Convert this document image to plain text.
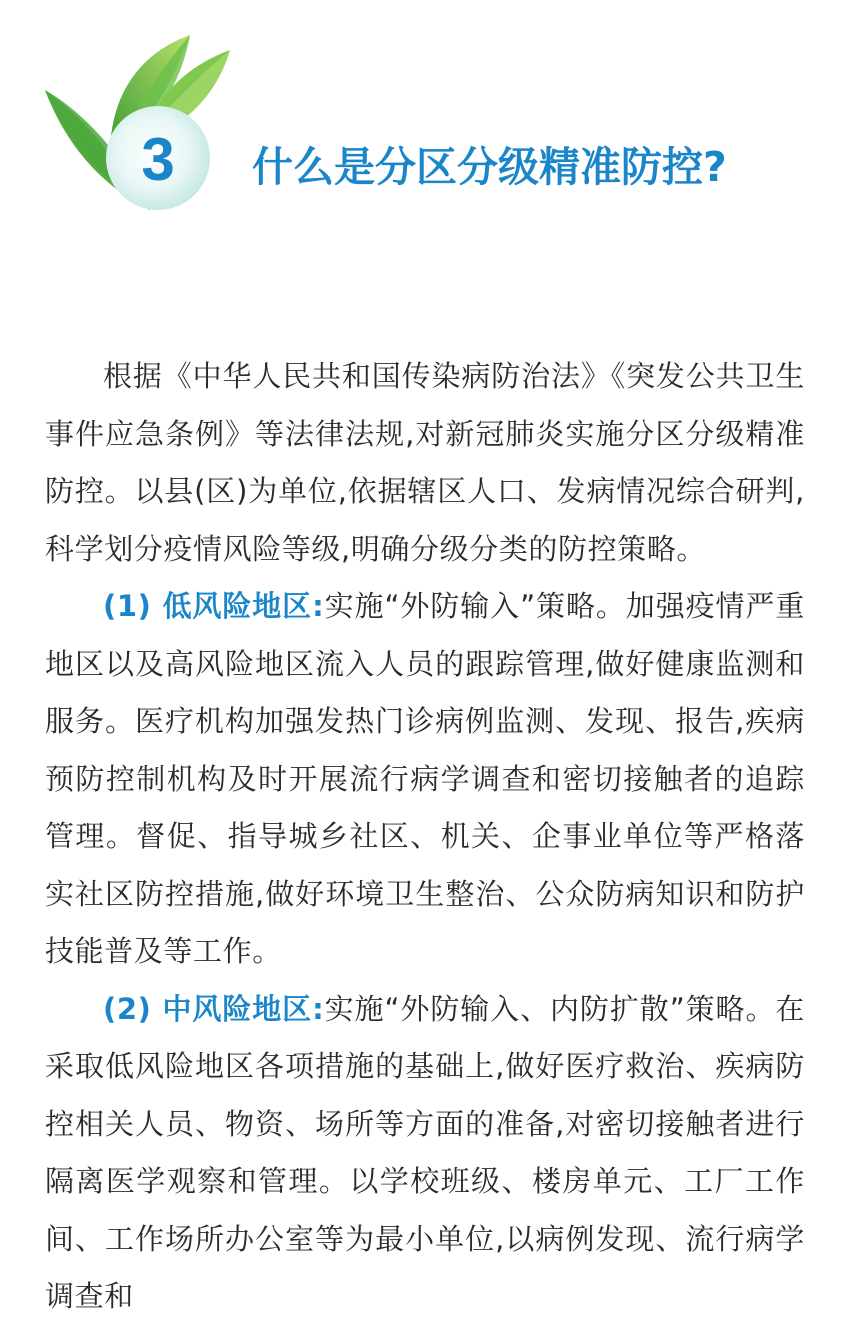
3 什么是分区分级精准防控?

根据《中华人民共和国传染病防治法》《突发公共卫生事件应急条例》等法律法规,对新冠肺炎实施分区分级精准防控。以县(区)为单位,依据辖区人口、发病情况综合研判,科学划分疫情风险等级,明确分级分类的防控策略。

(1) 低风险地区:实施“外防输入”策略。加强疫情严重地区以及高风险地区流入人员的跟踪管理,做好健康监测和服务。医疗机构加强发热门诊病例监测、发现、报告,疾病预防控制机构及时开展流行病学调查和密切接触者的追踪管理。督促、指导城乡社区、机关、企事业单位等严格落实社区防控措施,做好环境卫生整治、公众防病知识和防护技能普及等工作。

(2) 中风险地区:实施“外防输入、内防扩散”策略。在采取低风险地区各项措施的基础上,做好医疗救治、疾病防控相关人员、物资、场所等方面的准备,对密切接触者进行隔离医学观察和管理。以学校班级、楼房单元、工厂工作间、工作场所办公室等为最小单位,以病例发现、流行病学调查和
